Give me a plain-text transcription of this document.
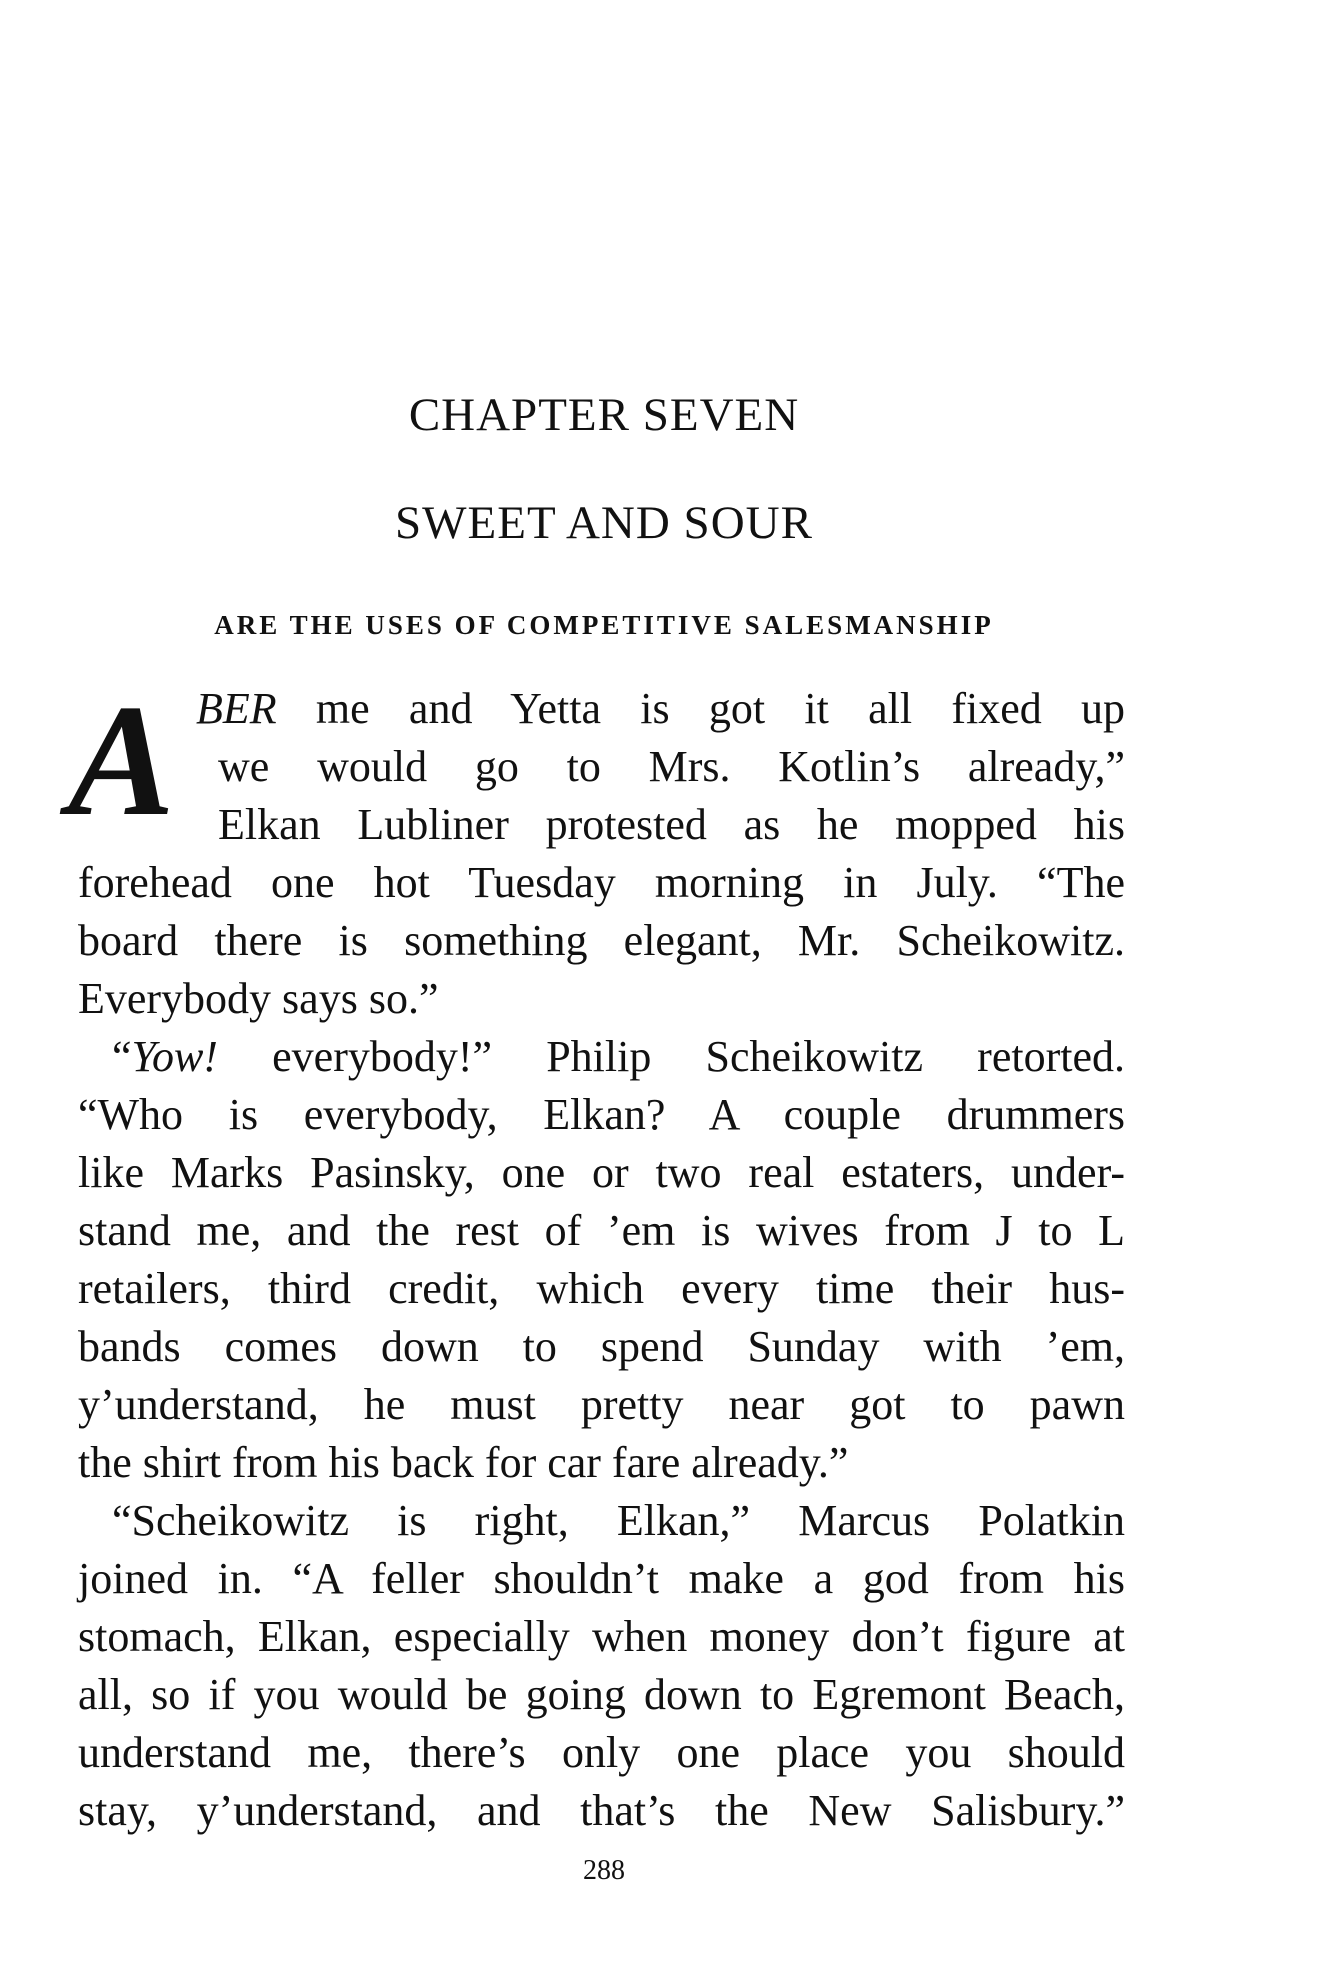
CHAPTER SEVEN
SWEET AND SOUR
ARE THE USES OF COMPETITIVE SALESMANSHIP
A BER me and Yetta is got it all fixed up
we would go to Mrs. Kotlin’s already,”
Elkan Lubliner protested as he mopped his
forehead one hot Tuesday morning in July. “The
board there is something elegant, Mr. Scheikowitz.
Everybody says so.”
“Yow! everybody!” Philip Scheikowitz retorted.
“Who is everybody, Elkan? A couple drummers
like Marks Pasinsky, one or two real estaters, under-
stand me, and the rest of ’em is wives from J to L
retailers, third credit, which every time their hus-
bands comes down to spend Sunday with ’em,
y’understand, he must pretty near got to pawn
the shirt from his back for car fare already.”
“Scheikowitz is right, Elkan,” Marcus Polatkin
joined in. “A feller shouldn’t make a god from his
stomach, Elkan, especially when money don’t figure at
all, so if you would be going down to Egremont Beach,
understand me, there’s only one place you should
stay, y’understand, and that’s the New Salisbury.”
288
